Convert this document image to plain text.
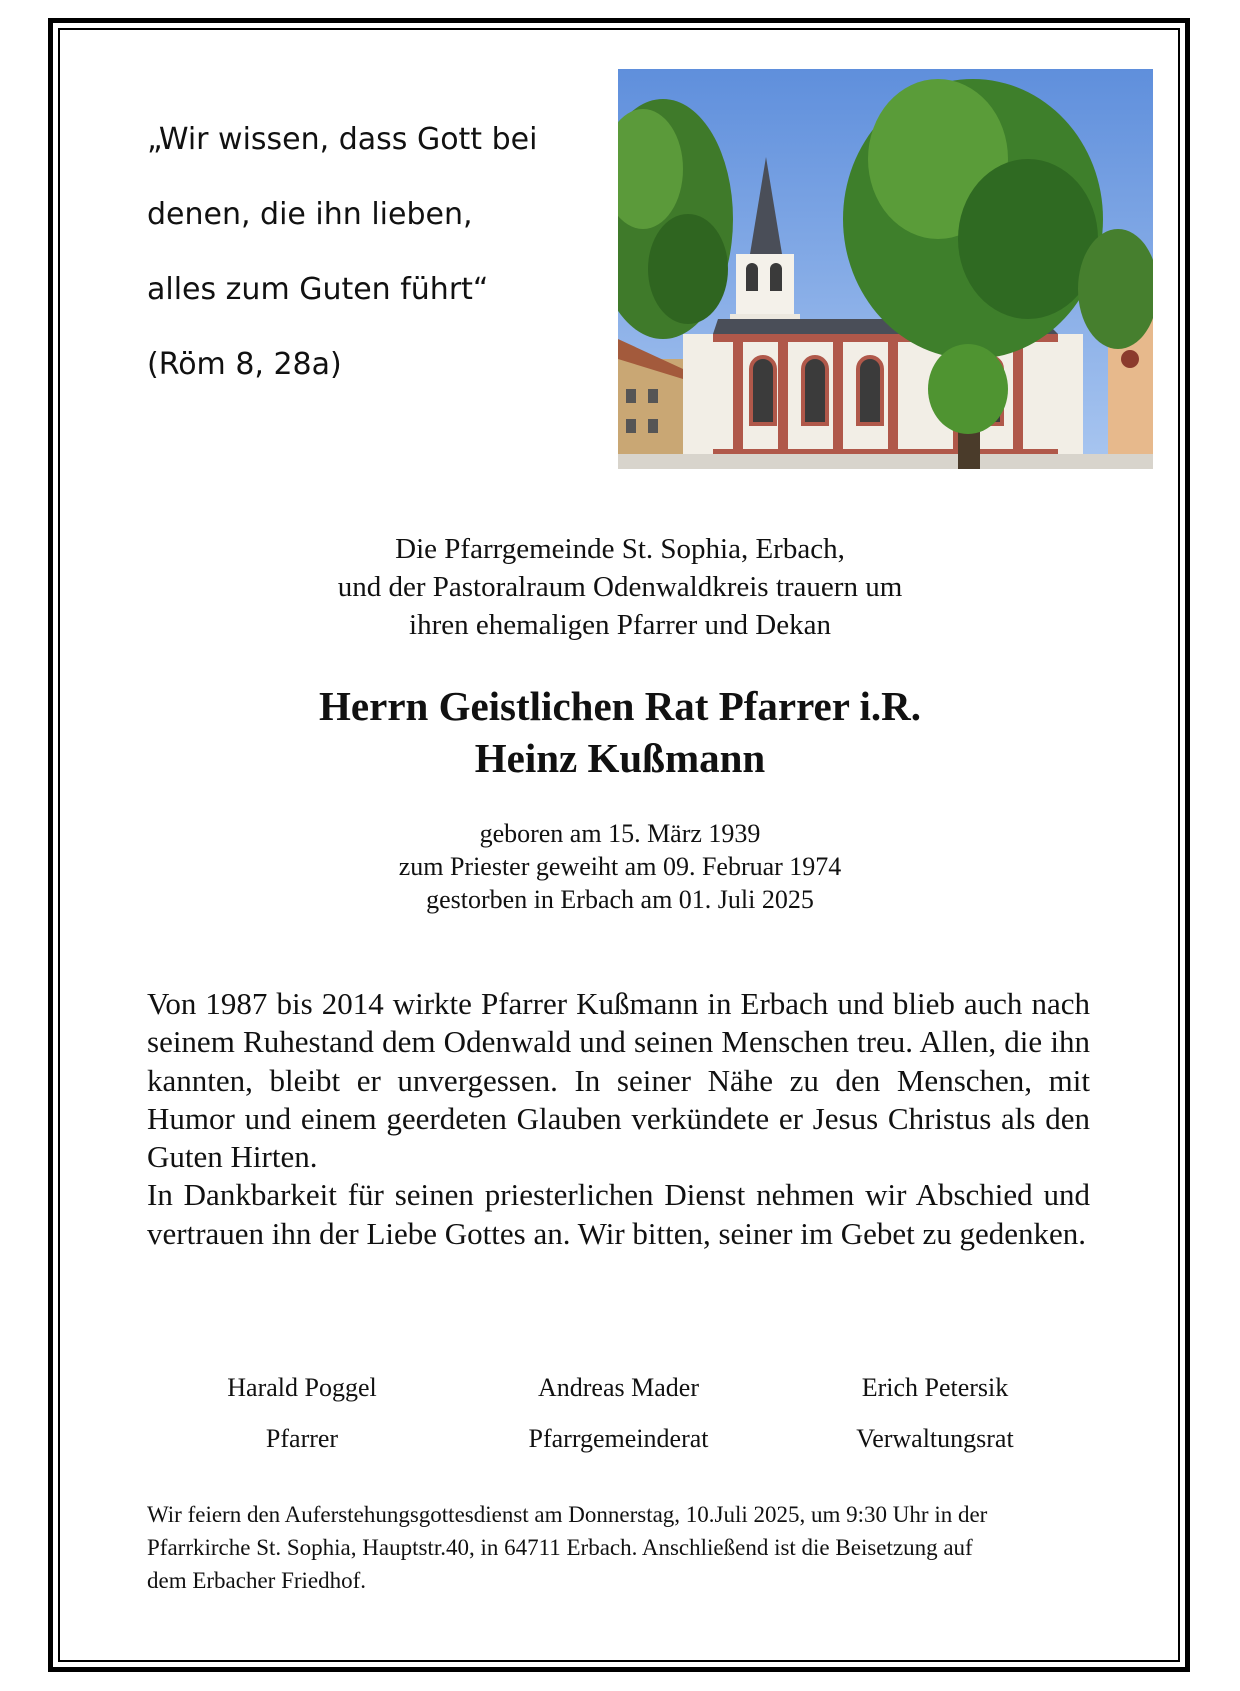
„Wir wissen, dass Gott bei
denen, die ihn lieben,
alles zum Guten führt“
(Röm 8, 28a)
Die Pfarrgemeinde St. Sophia, Erbach,
und der Pastoralraum Odenwaldkreis trauern um
ihren ehemaligen Pfarrer und Dekan
Herrn Geistlichen Rat Pfarrer i.R.
Heinz Kußmann
geboren am 15. März 1939
zum Priester geweiht am 09. Februar 1974
gestorben in Erbach am 01. Juli 2025

Von 1987 bis 2014 wirkte Pfarrer Kußmann in Erbach und blieb auch nach seinem Ruhestand dem Odenwald und seinen Menschen treu. Allen, die ihn kannten, bleibt er unvergessen. In seiner Nähe zu den Menschen, mit Humor und einem geerdeten Glauben verkündete er Jesus Christus als den Guten Hirten.

In Dankbarkeit für seinen priesterlichen Dienst nehmen wir Abschied und vertrauen ihn der Liebe Gottes an. Wir bitten, seiner im Gebet zu gedenken.

Harald Poggel
Pfarrer
Andreas Mader
Pfarrgemeinderat
Erich Petersik
Verwaltungsrat
Wir feiern den Auferstehungsgottesdienst am Donnerstag, 10.Juli 2025, um 9:30 Uhr in der
Pfarrkirche St. Sophia, Hauptstr.40, in 64711 Erbach. Anschließend ist die Beisetzung auf
dem Erbacher Friedhof.
